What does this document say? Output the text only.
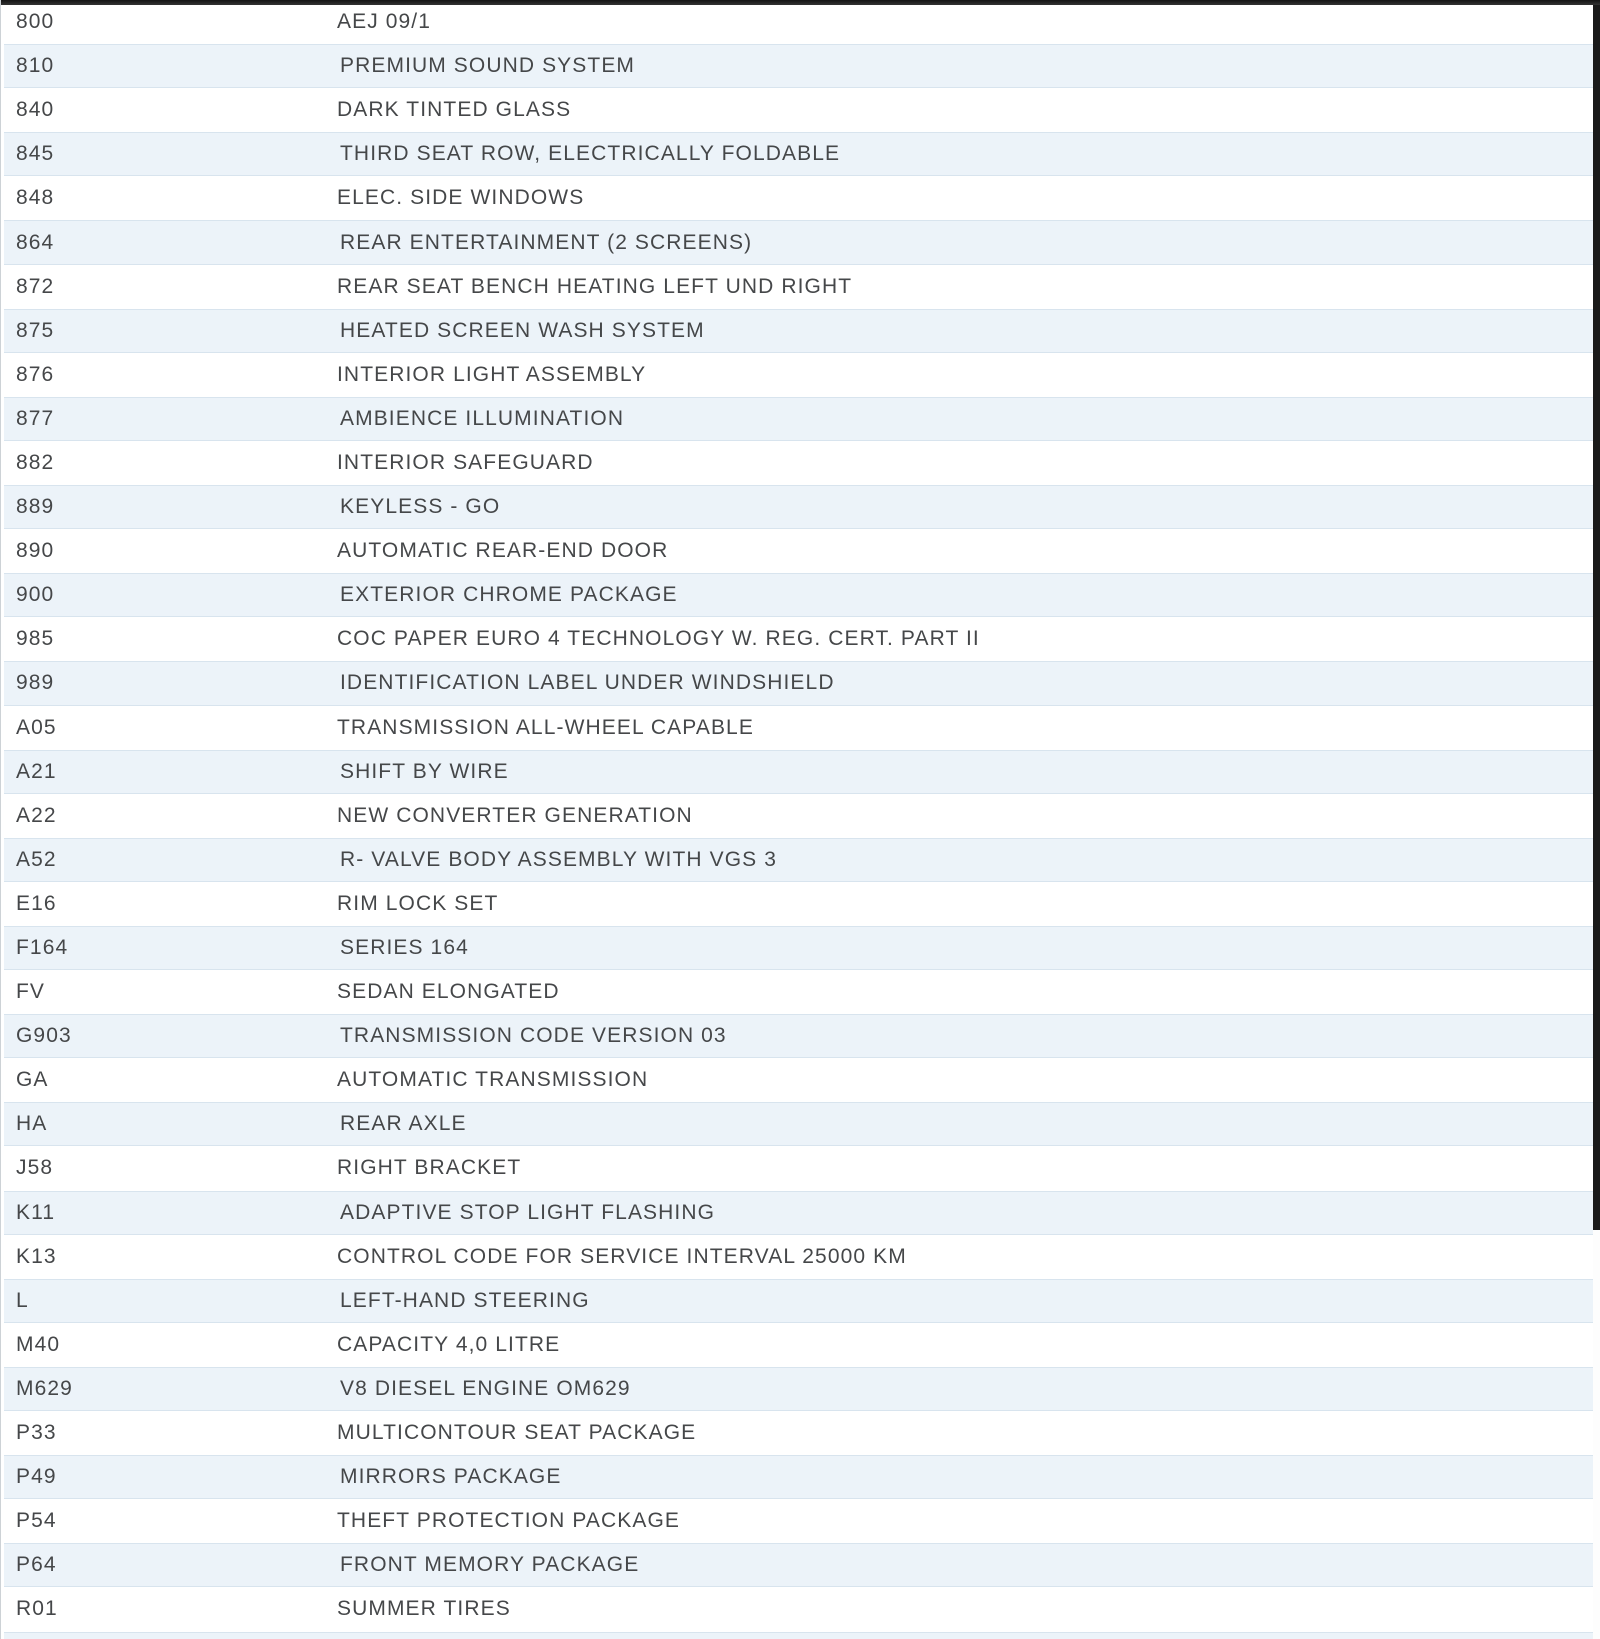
800	AEJ 09/1
810	PREMIUM SOUND SYSTEM
840	DARK TINTED GLASS
845	THIRD SEAT ROW, ELECTRICALLY FOLDABLE
848	ELEC. SIDE WINDOWS
864	REAR ENTERTAINMENT (2 SCREENS)
872	REAR SEAT BENCH HEATING LEFT UND RIGHT
875	HEATED SCREEN WASH SYSTEM
876	INTERIOR LIGHT ASSEMBLY
877	AMBIENCE ILLUMINATION
882	INTERIOR SAFEGUARD
889	KEYLESS - GO
890	AUTOMATIC REAR-END DOOR
900	EXTERIOR CHROME PACKAGE
985	COC PAPER EURO 4 TECHNOLOGY W. REG. CERT. PART II
989	IDENTIFICATION LABEL UNDER WINDSHIELD
A05	TRANSMISSION ALL-WHEEL CAPABLE
A21	SHIFT BY WIRE
A22	NEW CONVERTER GENERATION
A52	R- VALVE BODY ASSEMBLY WITH VGS 3
E16	RIM LOCK SET
F164	SERIES 164
FV	SEDAN ELONGATED
G903	TRANSMISSION CODE VERSION 03
GA	AUTOMATIC TRANSMISSION
HA	REAR AXLE
J58	RIGHT BRACKET
K11	ADAPTIVE STOP LIGHT FLASHING
K13	CONTROL CODE FOR SERVICE INTERVAL 25000 KM
L	LEFT-HAND STEERING
M40	CAPACITY 4,0 LITRE
M629	V8 DIESEL ENGINE OM629
P33	MULTICONTOUR SEAT PACKAGE
P49	MIRRORS PACKAGE
P54	THEFT PROTECTION PACKAGE
P64	FRONT MEMORY PACKAGE
R01	SUMMER TIRES
